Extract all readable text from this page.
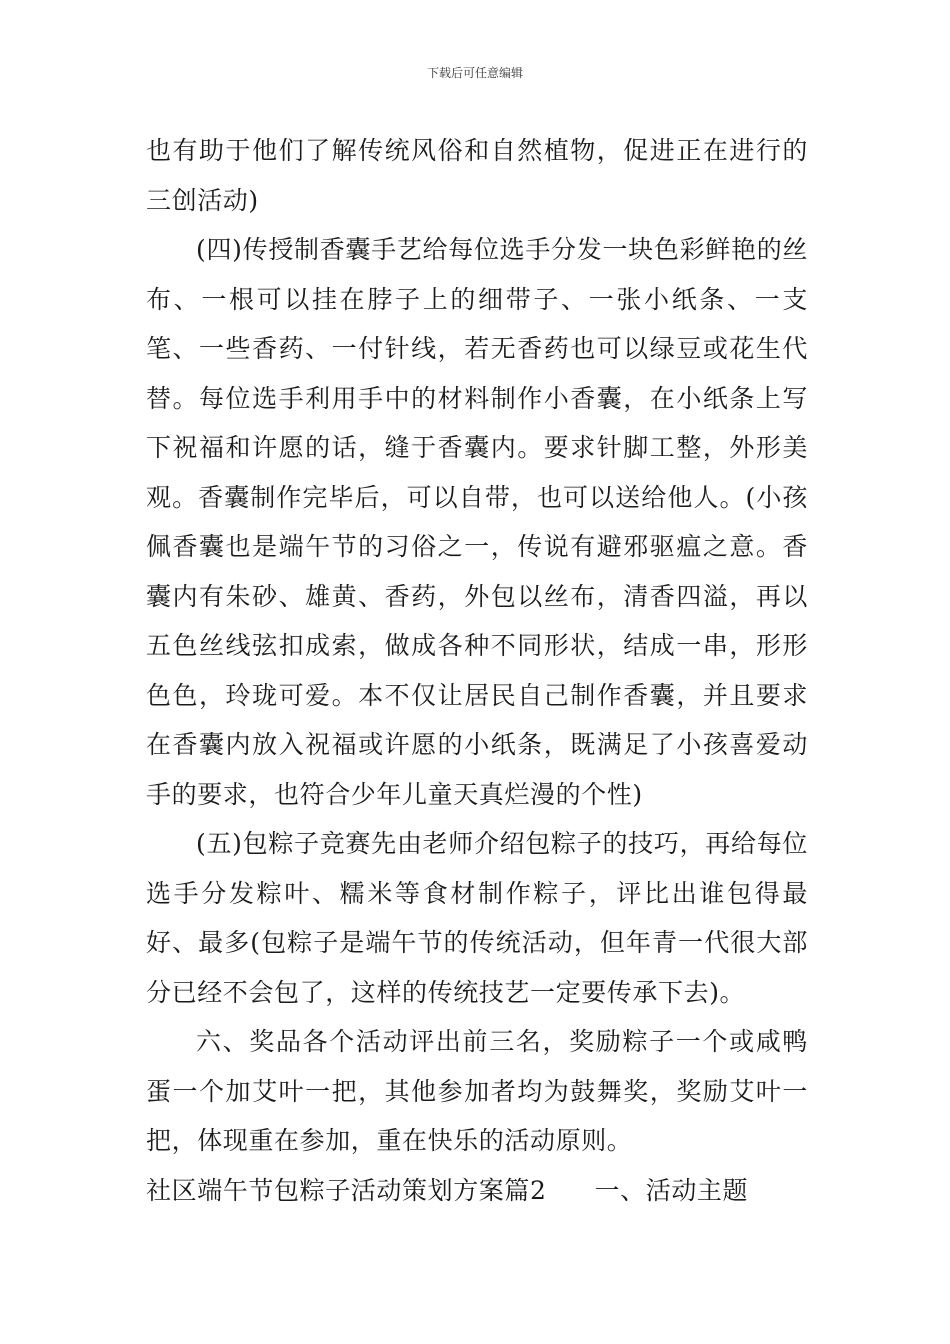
下载后可任意编辑

也有助于他们了解传统风俗和自然植物，促进正在进行的三创活动)

(四)传授制香囊手艺给每位选手分发一块色彩鲜艳的丝布、一根可以挂在脖子上的细带子、一张小纸条、一支笔、一些香药、一付针线，若无香药也可以绿豆或花生代替。每位选手利用手中的材料制作小香囊，在小纸条上写下祝福和许愿的话，缝于香囊内。要求针脚工整，外形美观。香囊制作完毕后，可以自带，也可以送给他人。(小孩佩香囊也是端午节的习俗之一，传说有避邪驱瘟之意。香囊内有朱砂、雄黄、香药，外包以丝布，清香四溢，再以五色丝线弦扣成索，做成各种不同形状，结成一串，形形色色，玲珑可爱。本不仅让居民自己制作香囊，并且要求在香囊内放入祝福或许愿的小纸条，既满足了小孩喜爱动手的要求，也符合少年儿童天真烂漫的个性)

(五)包粽子竞赛先由老师介绍包粽子的技巧，再给每位选手分发粽叶、糯米等食材制作粽子，评比出谁包得最好、最多(包粽子是端午节的传统活动，但年青一代很大部分已经不会包了，这样的传统技艺一定要传承下去)。

六、奖品各个活动评出前三名，奖励粽子一个或咸鸭蛋一个加艾叶一把，其他参加者均为鼓舞奖，奖励艾叶一把，体现重在参加，重在快乐的活动原则。

社区端午节包粽子活动策划方案篇2 一、活动主题
